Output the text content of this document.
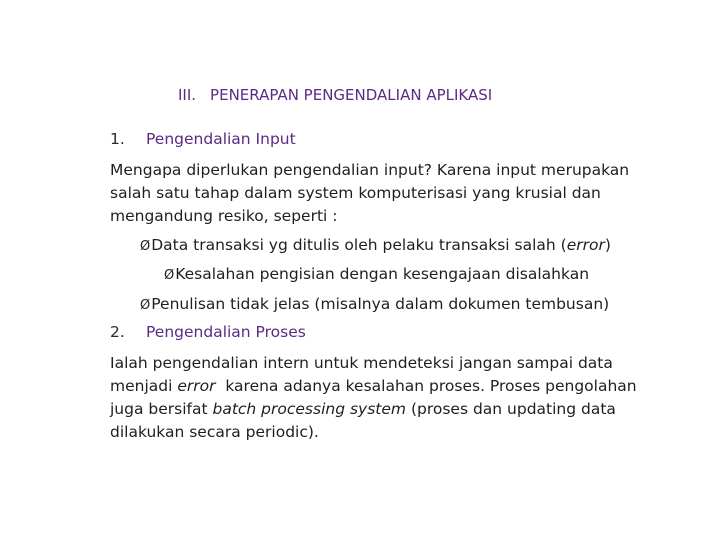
III. PENERAPAN PENGENDALIAN APLIKASI
1. Pengendalian Input
Mengapa diperlukan pengendalian input? Karena input merupakan
salah satu tahap dalam system komputerisasi yang krusial dan
mengandung resiko, seperti :
ØData transaksi yg ditulis oleh pelaku transaksi salah (error)
ØKesalahan pengisian dengan kesengajaan disalahkan
ØPenulisan tidak jelas (misalnya dalam dokumen tembusan)
2. Pengendalian Proses
Ialah pengendalian intern untuk mendeteksi jangan sampai data
menjadi error  karena adanya kesalahan proses. Proses pengolahan
juga bersifat batch processing system (proses dan updating data
dilakukan secara periodic).
